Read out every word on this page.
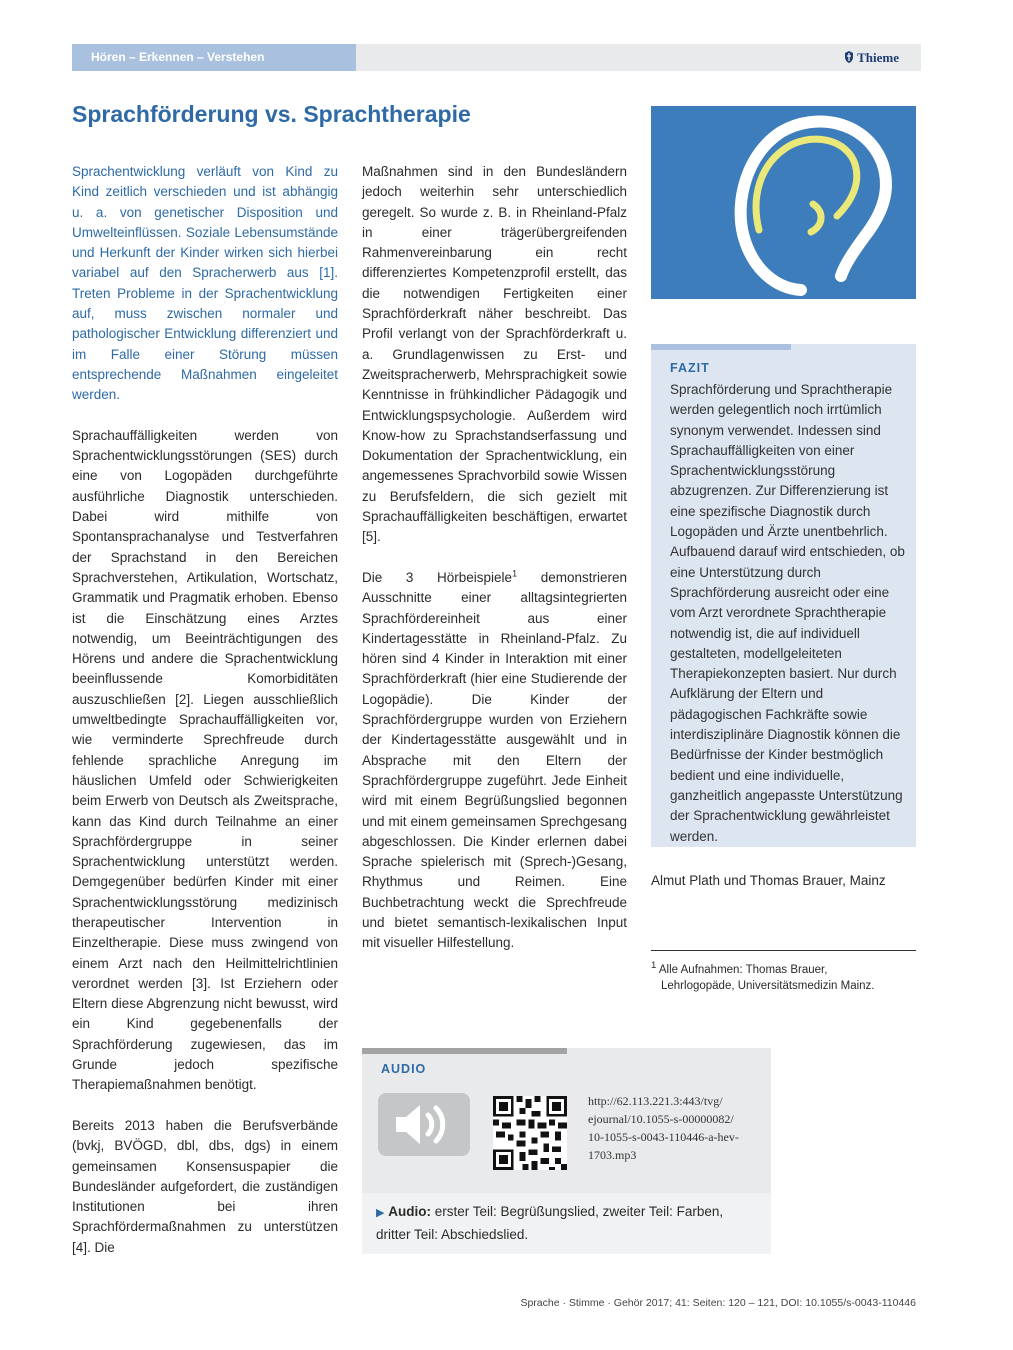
Hören – Erkennen – Verstehen	Thieme
Sprachförderung vs. Sprachtherapie

Sprachentwicklung verläuft von Kind zu Kind zeitlich verschieden und ist abhängig u. a. von genetischer Disposition und Umwelteinflüssen. Soziale Lebensumstände und Herkunft der Kinder wirken sich hierbei variabel auf den Spracherwerb aus [1]. Treten Probleme in der Sprachentwicklung auf, muss zwischen normaler und pathologischer Entwicklung differenziert und im Falle einer Störung müssen entsprechende Maßnahmen eingeleitet werden.

Sprachauffälligkeiten werden von Sprachentwicklungsstörungen (SES) durch eine von Logopäden durchgeführte ausführliche Diagnostik unterschieden. Dabei wird mithilfe von Spontansprachanalyse und Testverfahren der Sprachstand in den Bereichen Sprachverstehen, Artikulation, Wortschatz, Grammatik und Pragmatik erhoben. Ebenso ist die Einschätzung eines Arztes notwendig, um Beeinträchtigungen des Hörens und andere die Sprachentwicklung beeinflussende Komorbiditäten auszuschließen [2]. Liegen ausschließlich umweltbedingte Sprachauffälligkeiten vor, wie verminderte Sprechfreude durch fehlende sprachliche Anregung im häuslichen Umfeld oder Schwierigkeiten beim Erwerb von Deutsch als Zweitsprache, kann das Kind durch Teilnahme an einer Sprachfördergruppe in seiner Sprachentwicklung unterstützt werden. Demgegenüber bedürfen Kinder mit einer Sprachentwicklungsstörung medizinisch therapeutischer Intervention in Einzeltherapie. Diese muss zwingend von einem Arzt nach den Heilmittelrichtlinien verordnet werden [3]. Ist Erziehern oder Eltern diese Abgrenzung nicht bewusst, wird ein Kind gegebenenfalls der Sprachförderung zugewiesen, das im Grunde jedoch spezifische Therapiemaßnahmen benötigt.

Bereits 2013 haben die Berufsverbände (bvkj, BVÖGD, dbl, dbs, dgs) in einem gemeinsamen Konsensuspapier die Bundesländer aufgefordert, die zuständigen Institutionen bei ihren Sprachfördermaßnahmen zu unterstützen [4]. Die

Maßnahmen sind in den Bundesländern jedoch weiterhin sehr unterschiedlich geregelt. So wurde z. B. in Rheinland-Pfalz in einer trägerübergreifenden Rahmenvereinbarung ein recht differenziertes Kompetenzprofil erstellt, das die notwendigen Fertigkeiten einer Sprachförderkraft näher beschreibt. Das Profil verlangt von der Sprachförderkraft u. a. Grundlagenwissen zu Erst- und Zweitspracherwerb, Mehrsprachigkeit sowie Kenntnisse in frühkindlicher Pädagogik und Entwicklungspsychologie. Außerdem wird Know-how zu Sprachstandserfassung und Dokumentation der Sprachentwicklung, ein angemessenes Sprachvorbild sowie Wissen zu Berufsfeldern, die sich gezielt mit Sprachauffälligkeiten beschäftigen, erwartet [5].

Die 3 Hörbeispiele$^1$ demonstrieren Ausschnitte einer alltagsintegrierten Sprachfördereinheit aus einer Kindertagesstätte in Rheinland-Pfalz. Zu hören sind 4 Kinder in Interaktion mit einer Sprachförderkraft (hier eine Studierende der Logopädie). Die Kinder der Sprachfördergruppe wurden von Erziehern der Kindertagesstätte ausgewählt und in Absprache mit den Eltern der Sprachfördergruppe zugeführt. Jede Einheit wird mit einem Begrüßungslied begonnen und mit einem gemeinsamen Sprechgesang abgeschlossen. Die Kinder erlernen dabei Sprache spielerisch mit (Sprech-)Gesang, Rhythmus und Reimen. Eine Buchbetrachtung weckt die Sprechfreude und bietet semantisch-lexikalischen Input mit visueller Hilfestellung.

FAZIT
Sprachförderung und Sprachtherapie werden gelegentlich noch irrtümlich synonym verwendet. Indessen sind Sprachauffälligkeiten von einer Sprachentwicklungsstörung abzugrenzen. Zur Differenzierung ist eine spezifische Diagnostik durch Logopäden und Ärzte unentbehrlich. Aufbauend darauf wird entschieden, ob eine Unterstützung durch Sprachförderung ausreicht oder eine vom Arzt verordnete Sprachtherapie notwendig ist, die auf individuell gestalteten, modellgeleiteten Therapiekonzepten basiert. Nur durch Aufklärung der Eltern und pädagogischen Fachkräfte sowie interdisziplinäre Diagnostik können die Bedürfnisse der Kinder bestmöglich bedient und eine individuelle, ganzheitlich angepasste Unterstützung der Sprachentwicklung gewährleistet werden.
Almut Plath und Thomas Brauer, Mainz
$^1$ Alle Aufnahmen: Thomas Brauer,
Lehrlogopäde, Universitätsmedizin Mainz.
AUDIO
http://62.113.221.3:443/tvg/
ejournal/10.1055-s-00000082/
10-1055-s-0043-110446-a-hev-
1703.mp3
▶ Audio: erster Teil: Begrüßungslied, zweiter Teil: Farben, dritter Teil: Abschiedslied.
Sprache · Stimme · Gehör 2017; 41: Seiten: 120 – 121, DOI: 10.1055/s-0043-110446
